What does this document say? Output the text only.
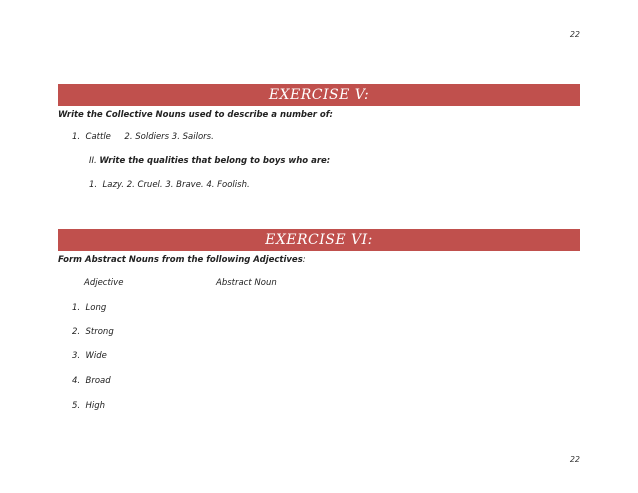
22
EXERCISE V:
Write the Collective Nouns used to describe a number of:
1.  Cattle     2. Soldiers 3. Sailors.
II. Write the qualities that belong to boys who are:
1.  Lazy. 2. Cruel. 3. Brave. 4. Foolish.
EXERCISE VI:
Form Abstract Nouns from the following Adjectives:
Adjective	Abstract Noun
1.  Long
2.  Strong
3.  Wide
4.  Broad
5.  High
22
